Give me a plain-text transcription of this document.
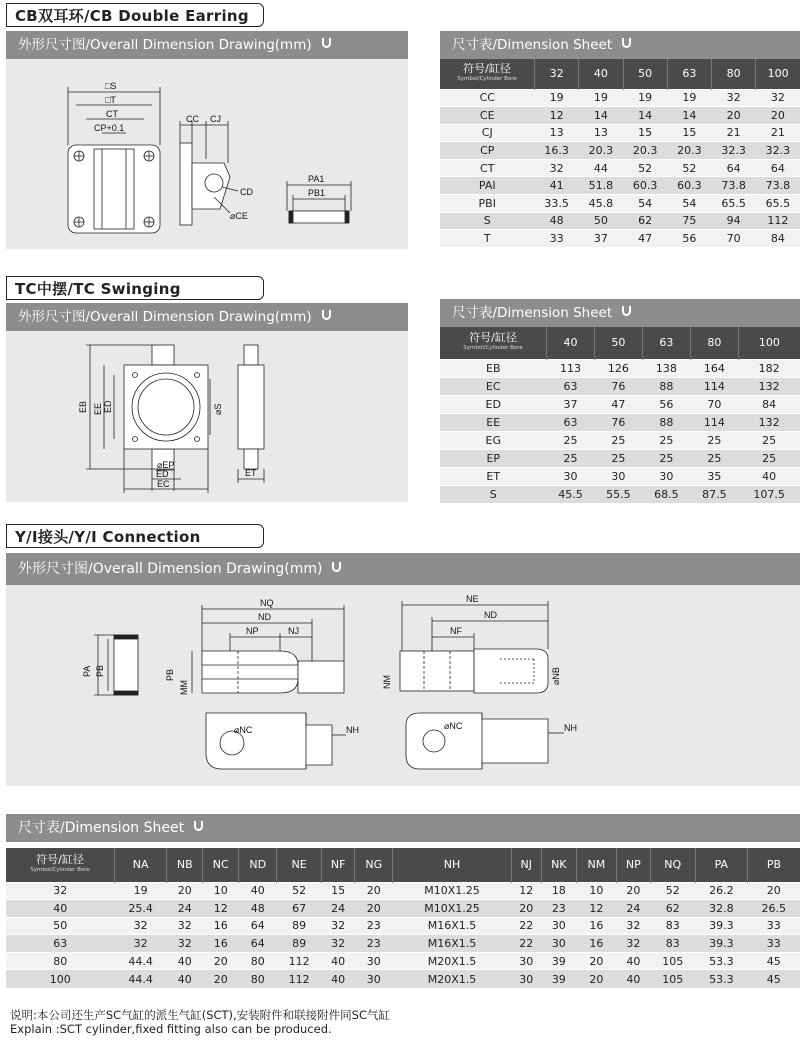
CB双耳环/CB Double Earring
外形尺寸图/Overall Dimension Drawing(mm)
□S
□T
CT
CP+0.1
CC CJ
CD
⌀CE
PA1
PB1
尺寸表/Dimension Sheet
符号/缸径
Symbol/Cylinder Bore	32	40	50	63	80	100
CC	19	19	19	19	32	32
CE	12	14	14	14	20	20
CJ	13	13	15	15	21	21
CP	16.3	20.3	20.3	20.3	32.3	32.3
CT	32	44	52	52	64	64
PAI	41	51.8	60.3	60.3	73.8	73.8
PBI	33.5	45.8	54	54	65.5	65.5
S	48	50	62	75	94	112
T	33	37	47	56	70	84
TC中摆/TC Swinging
外形尺寸图/Overall Dimension Drawing(mm)
EB EE ED	⌀S
⌀EP
ED
EC
ET
尺寸表/Dimension Sheet
符号/缸径
Symbol/Cylinder Bore	40	50	63	80	100
EB	113	126	138	164	182
EC	63	76	88	114	132
ED	37	47	56	70	84
EE	63	76	88	114	132
EG	25	25	25	25	25
EP	25	25	25	25	25
ET	30	30	30	35	40
S	45.5	55.5	68.5	87.5	107.5
Y/I接头/Y/I Connection
外形尺寸图/Overall Dimension Drawing(mm)
PA PB
NQ
ND
NP	NJ
PB
MM
NE
ND
NF
NM	⌀NB
⌀NC	NH	⌀NC	NH
尺寸表/Dimension Sheet
符号/缸径
Symbol/Cylinder Bore	NA	NB	NC	ND	NE	NF	NG	NH	NJ	NK	NM	NP	NQ	PA	PB
32	19	20	10	40	52	15	20	M10X1.25	12	18	10	20	52	26.2	20
40	25.4	24	12	48	67	24	20	M10X1.25	20	23	12	24	62	32.8	26.5
50	32	32	16	64	89	32	23	M16X1.5	22	30	16	32	83	39.3	33
63	32	32	16	64	89	32	23	M16X1.5	22	30	16	32	83	39.3	33
80	44.4	40	20	80	112	40	30	M20X1.5	30	39	20	40	105	53.3	45
100	44.4	40	20	80	112	40	30	M20X1.5	30	39	20	40	105	53.3	45
说明:本公司还生产SC气缸的派生气缸(SCT),安装附件和联接附件同SC气缸
Explain :SCT cylinder,fixed fitting also can be produced.
